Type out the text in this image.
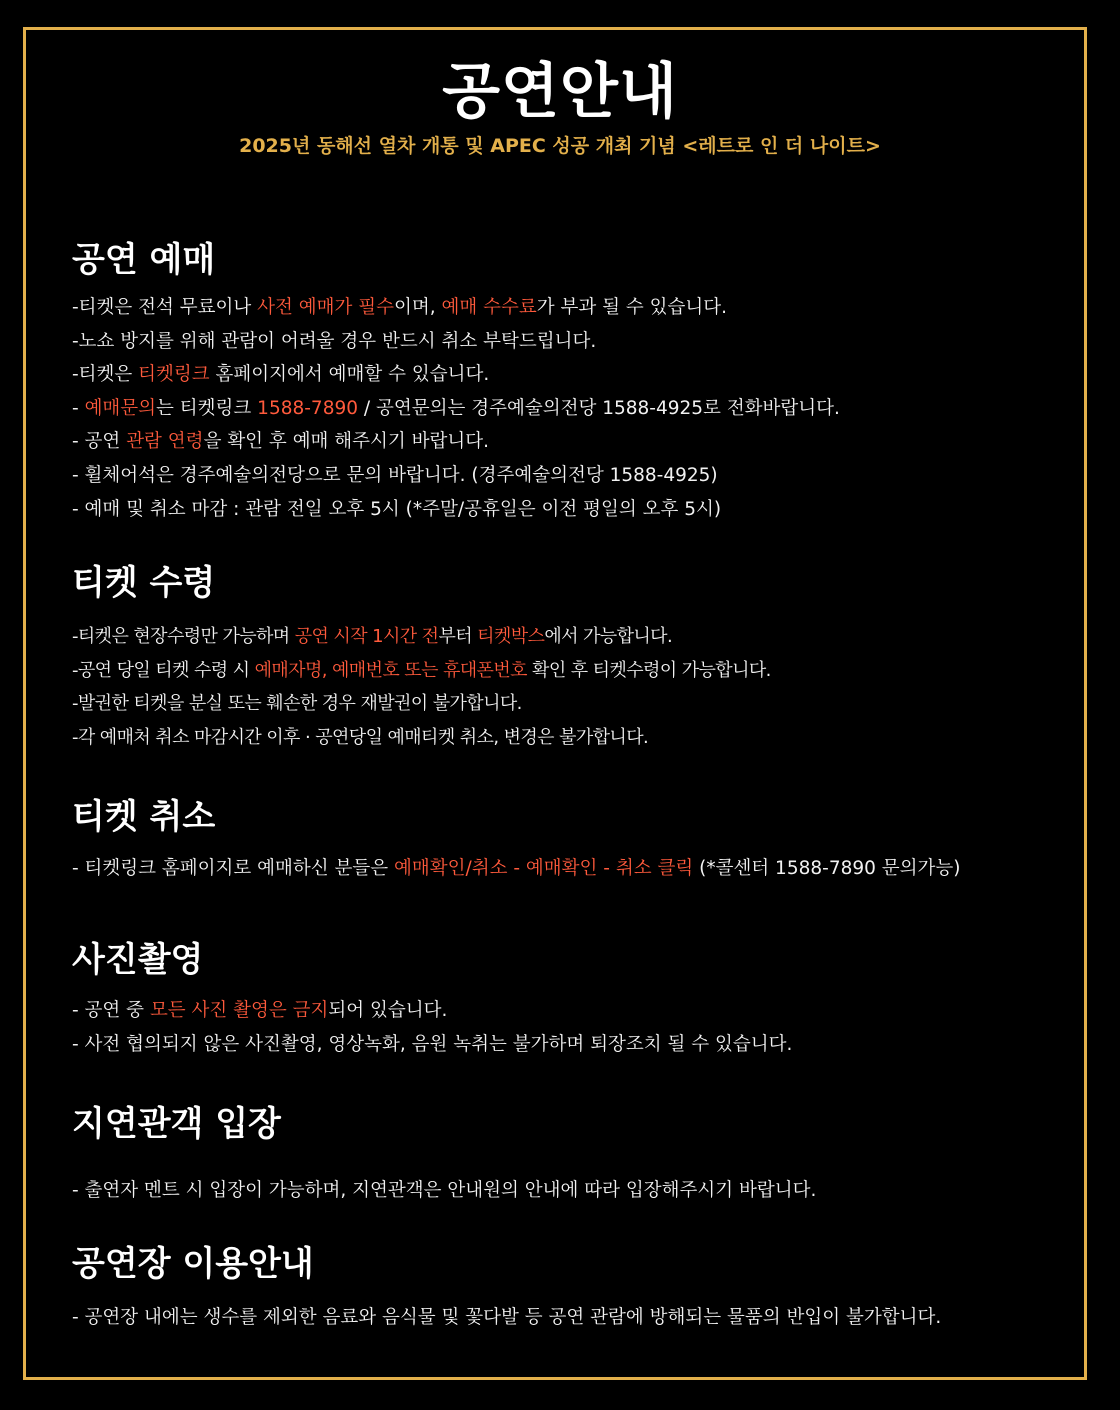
공연안내
2025년 동해선 열차 개통 및 APEC 성공 개최 기념 <레트로 인 더 나이트>
공연 예매
-티켓은 전석 무료이나 사전 예매가 필수이며, 예매 수수료가 부과 될 수 있습니다.
-노쇼 방지를 위해 관람이 어려울 경우 반드시 취소 부탁드립니다.
-티켓은 티켓링크 홈페이지에서 예매할 수 있습니다.
- 예매문의는 티켓링크 1588-7890 / 공연문의는 경주예술의전당 1588-4925로 전화바랍니다.
- 공연 관람 연령을 확인 후 예매 해주시기 바랍니다.
- 휠체어석은 경주예술의전당으로 문의 바랍니다. (경주예술의전당 1588-4925)
- 예매 및 취소 마감 : 관람 전일 오후 5시 (*주말/공휴일은 이전 평일의 오후 5시)
티켓 수령
-티켓은 현장수령만 가능하며 공연 시작 1시간 전부터 티켓박스에서 가능합니다.
-공연 당일 티켓 수령 시 예매자명, 예매번호 또는 휴대폰번호 확인 후 티켓수령이 가능합니다.
-발권한 티켓을 분실 또는 훼손한 경우 재발권이 불가합니다.
-각 예매처 취소 마감시간 이후 · 공연당일 예매티켓 취소, 변경은 불가합니다.
티켓 취소
- 티켓링크 홈페이지로 예매하신 분들은 예매확인/취소 - 예매확인 - 취소 클릭 (*콜센터 1588-7890 문의가능)
사진촬영
- 공연 중 모든 사진 촬영은 금지되어 있습니다.
- 사전 협의되지 않은 사진촬영, 영상녹화, 음원 녹취는 불가하며 퇴장조치 될 수 있습니다.
지연관객 입장
- 출연자 멘트 시 입장이 가능하며, 지연관객은 안내원의 안내에 따라 입장해주시기 바랍니다.
공연장 이용안내
- 공연장 내에는 생수를 제외한 음료와 음식물 및 꽃다발 등 공연 관람에 방해되는 물품의 반입이 불가합니다.
